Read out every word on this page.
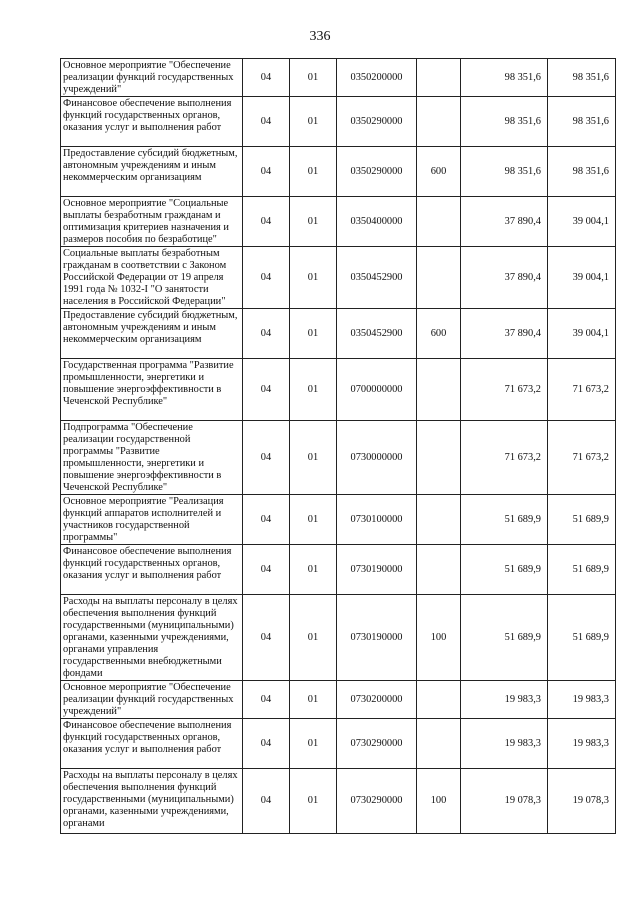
336
Основное мероприятие "Обеспечение реализации функций государственных учреждений"	04	01	0350200000		98 351,6	98 351,6
Финансовое обеспечение выполнения функций государственных органов, оказания услуг и выполнения работ	04	01	0350290000		98 351,6	98 351,6
Предоставление субсидий бюджетным, автономным учреждениям и иным некоммерческим организациям	04	01	0350290000	600	98 351,6	98 351,6
Основное мероприятие "Социальные выплаты безработным гражданам и оптимизация критериев назначения и размеров пособия по безработице"	04	01	0350400000		37 890,4	39 004,1
Социальные выплаты безработным гражданам в соответствии с Законом Российской Федерации от 19 апреля 1991 года № 1032-I "О занятости населения в Российской Федерации"	04	01	0350452900		37 890,4	39 004,1
Предоставление субсидий бюджетным, автономным учреждениям и иным некоммерческим организациям	04	01	0350452900	600	37 890,4	39 004,1
Государственная программа "Развитие промышленности, энергетики и повышение энергоэффективности в Чеченской Республике"	04	01	0700000000		71 673,2	71 673,2
Подпрограмма "Обеспечение реализации государственной программы "Развитие промышленности, энергетики и повышение энергоэффективности в Чеченской Республике"	04	01	0730000000		71 673,2	71 673,2
Основное мероприятие "Реализация функций аппаратов исполнителей и участников государственной программы"	04	01	0730100000		51 689,9	51 689,9
Финансовое обеспечение выполнения функций государственных органов, оказания услуг и выполнения работ	04	01	0730190000		51 689,9	51 689,9
Расходы на выплаты персоналу в целях обеспечения выполнения функций государственными (муниципальными) органами, казенными учреждениями, органами управления государственными внебюджетными фондами	04	01	0730190000	100	51 689,9	51 689,9
Основное мероприятие "Обеспечение реализации функций государственных учреждений"	04	01	0730200000		19 983,3	19 983,3
Финансовое обеспечение выполнения функций государственных органов, оказания услуг и выполнения работ	04	01	0730290000		19 983,3	19 983,3

Расходы на выплаты персоналу в целях обеспечения выполнения функций государственными (муниципальными) органами, казенными учреждениями, органами	04	01	0730290000	100	19 078,3	19 078,3
